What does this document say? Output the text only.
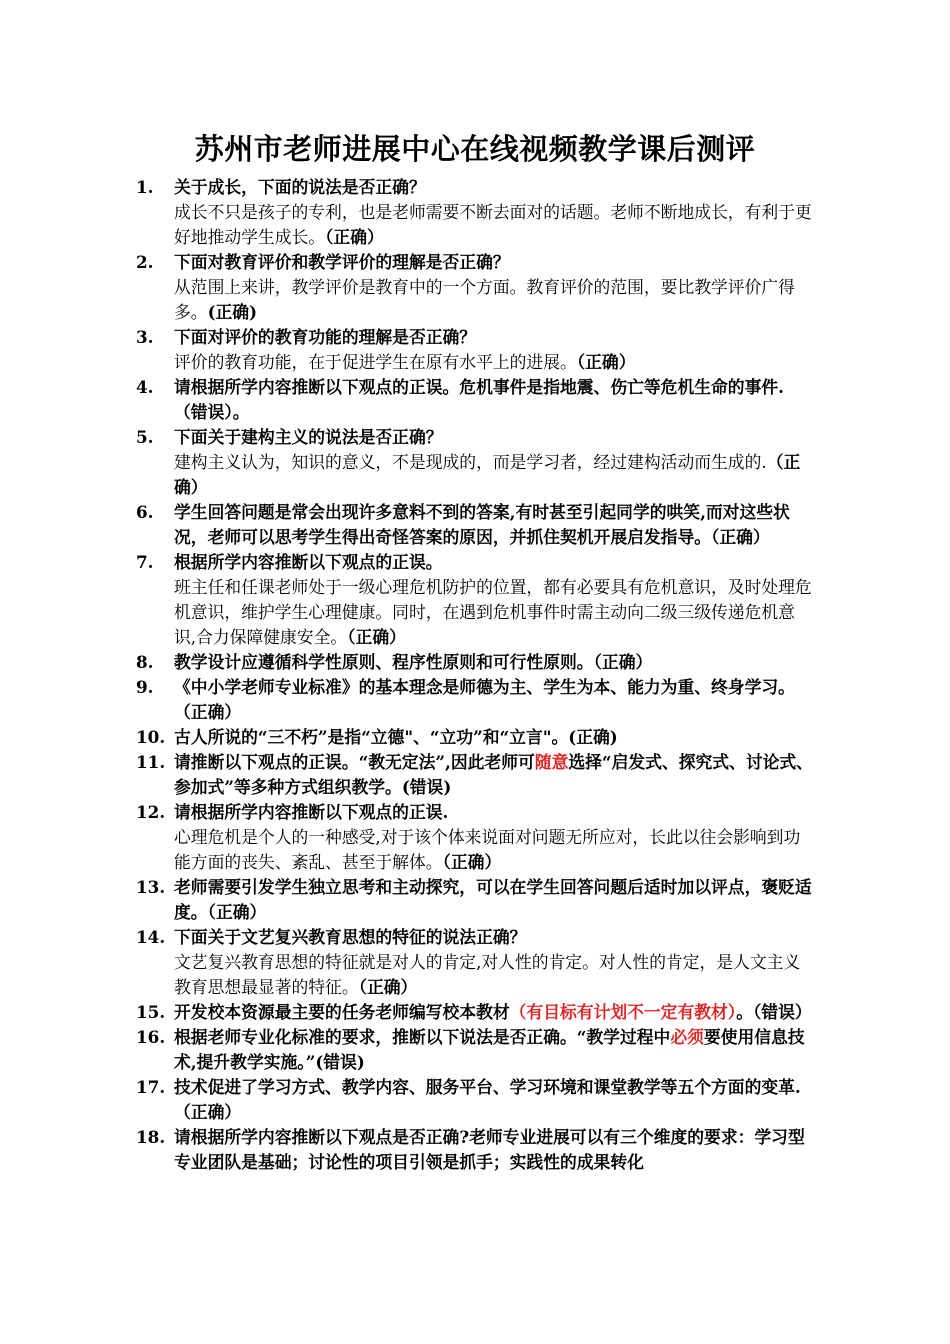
苏州市老师进展中心在线视频教学课后测评
1.	关于成长，下面的说法是否正确？
成长不只是孩子的专利，也是老师需要不断去面对的话题。老师不断地成长，有利于更好地推动学生成长。（正确）
2.	下面对教育评价和教学评价的理解是否正确？
从范围上来讲，教学评价是教育中的一个方面。教育评价的范围，要比教学评价广得多。(正确)
3.	下面对评价的教育功能的理解是否正确？
评价的教育功能，在于促进学生在原有水平上的进展。（正确）
4.	请根据所学内容推断以下观点的正误。危机事件是指地震、伤亡等危机生命的事件.（错误）。
5.	下面关于建构主义的说法是否正确？
建构主义认为，知识的意义，不是现成的，而是学习者，经过建构活动而生成的.（正确）
6.	学生回答问题是常会出现许多意料不到的答案,有时甚至引起同学的哄笑,而对这些状况，老师可以思考学生得出奇怪答案的原因，并抓住契机开展启发指导。（正确）
7.	根据所学内容推断以下观点的正误。
班主任和任课老师处于一级心理危机防护的位置，都有必要具有危机意识，及时处理危机意识，维护学生心理健康。同时，在遇到危机事件时需主动向二级三级传递危机意识,合力保障健康安全。（正确）
8.	教学设计应遵循科学性原则、程序性原则和可行性原则。（正确）
9.	《中小学老师专业标准》的基本理念是师德为主、学生为本、能力为重、终身学习。（正确）
10. 古人所说的“三不朽”是指“立德"、“立功”和“立言"。(正确)
11. 请推断以下观点的正误。“教无定法”,因此老师可随意选择“启发式、探究式、讨论式、参加式”等多种方式组织教学。(错误)
12. 请根据所学内容推断以下观点的正误.
心理危机是个人的一种感受,对于该个体来说面对问题无所应对，长此以往会影响到功能方面的丧失、紊乱、甚至于解体。（正确）
13. 老师需要引发学生独立思考和主动探究，可以在学生回答问题后适时加以评点，褒贬适度。（正确）
14. 下面关于文艺复兴教育思想的特征的说法正确？
文艺复兴教育思想的特征就是对人的肯定,对人性的肯定。对人性的肯定，是人文主义教育思想最显著的特征。（正确）
15. 开发校本资源最主要的任务老师编写校本教材（有目标有计划不一定有教材）。（错误）
16. 根据老师专业化标准的要求，推断以下说法是否正确。“教学过程中必须要使用信息技术,提升教学实施。”(错误)
17. 技术促进了学习方式、教学内容、服务平台、学习环境和课堂教学等五个方面的变革.（正确）
18. 请根据所学内容推断以下观点是否正确?老师专业进展可以有三个维度的要求：学习型专业团队是基础；讨论性的项目引领是抓手；实践性的成果转化
